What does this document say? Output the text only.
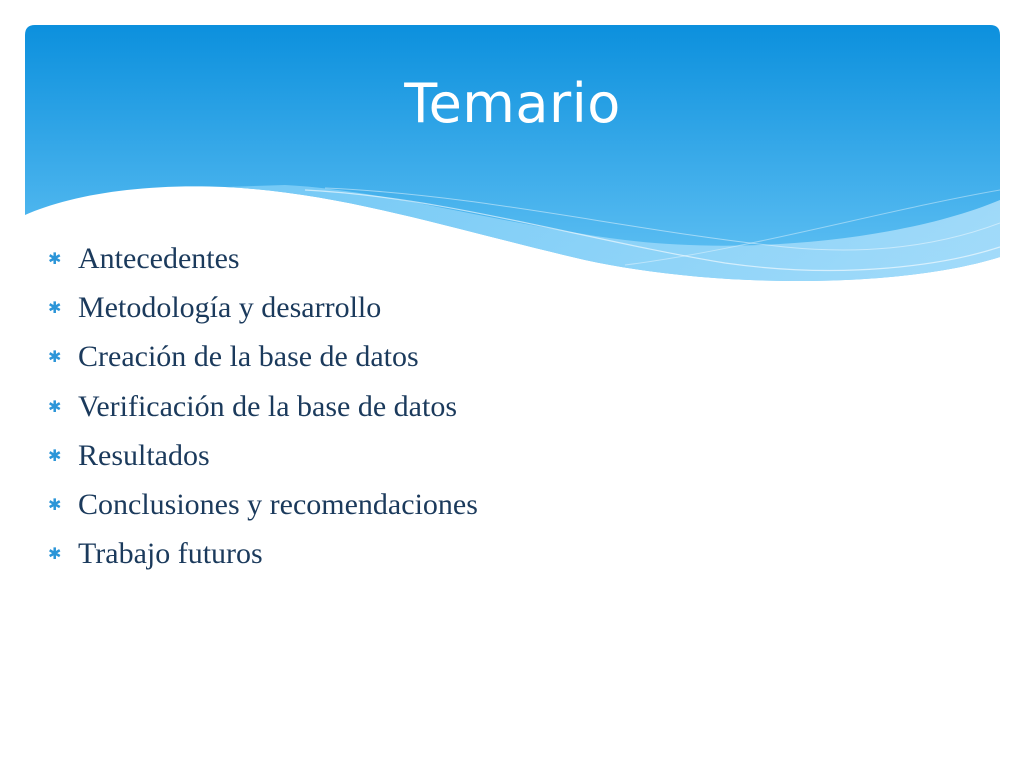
Temario
✱ Antecedentes
✱ Metodología y desarrollo
✱ Creación de la base de datos
✱ Verificación de la base de datos
✱ Resultados
✱ Conclusiones y recomendaciones
✱ Trabajo futuros
